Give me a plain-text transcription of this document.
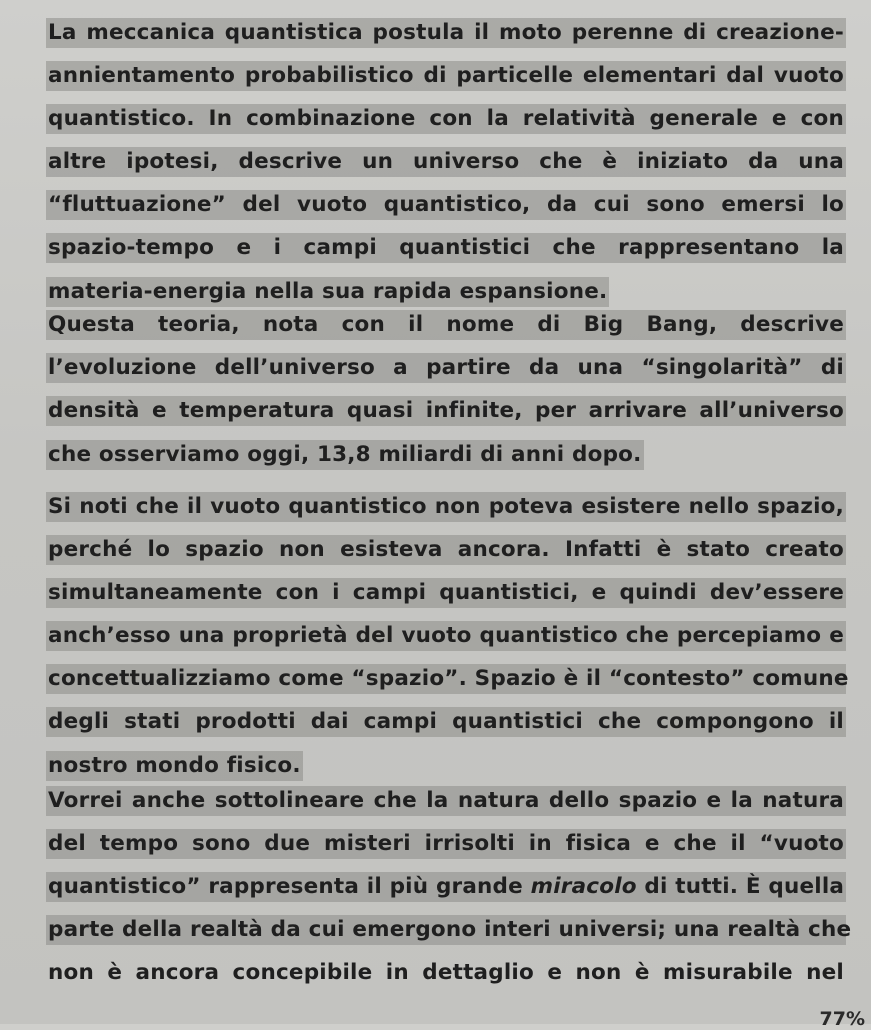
La meccanica quantistica postula il moto perenne di creazione-
annientamento probabilistico di particelle elementari dal vuoto
quantistico. In combinazione con la relatività generale e con
altre ipotesi, descrive un universo che è iniziato da una
“fluttuazione” del vuoto quantistico, da cui sono emersi lo
spazio-tempo e i campi quantistici che rappresentano la
materia-energia nella sua rapida espansione.
Questa teoria, nota con il nome di Big Bang, descrive
l’evoluzione dell’universo a partire da una “singolarità” di
densità e temperatura quasi infinite, per arrivare all’universo
che osserviamo oggi, 13,8 miliardi di anni dopo.
Si noti che il vuoto quantistico non poteva esistere nello spazio,
perché lo spazio non esisteva ancora. Infatti è stato creato
simultaneamente con i campi quantistici, e quindi dev’essere
anch’esso una proprietà del vuoto quantistico che percepiamo e
concettualizziamo come “spazio”. Spazio è il “contesto” comune
degli stati prodotti dai campi quantistici che compongono il
nostro mondo fisico.
Vorrei anche sottolineare che la natura dello spazio e la natura
del tempo sono due misteri irrisolti in fisica e che il “vuoto
quantistico” rappresenta il più grande miracolo di tutti. È quella
parte della realtà da cui emergono interi universi; una realtà che
non è ancora concepibile in dettaglio e non è misurabile nel
77%
